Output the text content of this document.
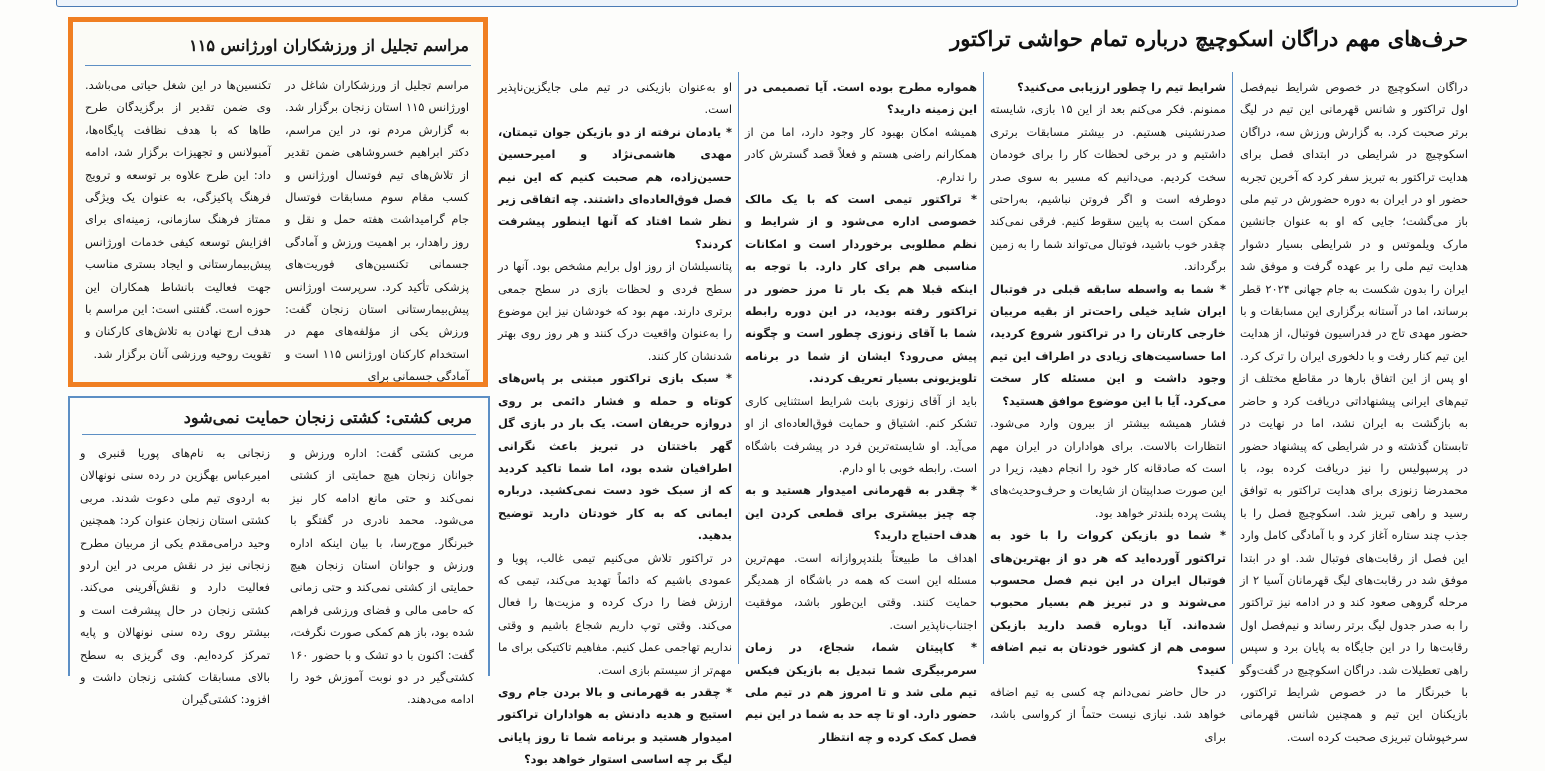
حرف‌های مهم دراگان اسکوچیچ درباره تمام حواشی تراکتور

دراگان اسکوچیچ در خصوص شرایط نیم‌فصل اول تراکتور و شانس قهرمانی این تیم در لیگ برتر صحبت کرد. به گزارش ورزش سه، دراگان اسکوچیچ در شرایطی در ابتدای فصل برای هدایت تراکتور به تبریز سفر کرد که آخرین تجربه حضور او در ایران به دوره حضورش در تیم ملی باز می‌گشت؛ جایی که او به عنوان جانشین مارک ویلموتس و در شرایطی بسیار دشوار هدایت تیم ملی را بر عهده گرفت و موفق شد ایران را بدون شکست به جام جهانی ۲۰۲۴ قطر برساند، اما در آستانه برگزاری این مسابقات و با حضور مهدی تاج در فدراسیون فوتبال، از هدایت این تیم کنار رفت و با دلخوری ایران را ترک کرد. او پس از این اتفاق بارها در مقاطع مختلف از تیم‌های ایرانی پیشنهاداتی دریافت کرد و حاضر به بازگشت به ایران نشد، اما در نهایت در تابستان گذشته و در شرایطی که پیشنهاد حضور در پرسپولیس را نیز دریافت کرده بود، با محمدرضا زنوزی برای هدایت تراکتور به توافق رسید و راهی تبریز شد. اسکوچیچ فصل را با جذب چند ستاره آغاز کرد و با آمادگی کامل وارد این فصل از رقابت‌های فوتبال شد. او در ابتدا موفق شد در رقابت‌های لیگ قهرمانان آسیا ۲ از مرحله گروهی صعود کند و در ادامه نیز تراکتور را به صدر جدول لیگ برتر رساند و نیم‌فصل اول رقابت‌ها را در این جایگاه به پایان برد و سپس راهی تعطیلات شد. دراگان اسکوچیچ در گفت‌وگو با خبرنگار ما در خصوص شرایط تراکتور، بازیکنان این تیم و همچنین شانس قهرمانی سرخپوشان تبریزی صحبت کرده است.

شرایط تیم را چطور ارزیابی می‌کنید؟

ممنونم. فکر می‌کنم بعد از این ۱۵ بازی، شایسته صدرنشینی هستیم. در بیشتر مسابقات برتری داشتیم و در برخی لحظات کار را برای خودمان سخت کردیم. می‌دانیم که مسیر به سوی صدر دوطرفه است و اگر فروتن نباشیم، به‌راحتی ممکن است به پایین سقوط کنیم. فرقی نمی‌کند چقدر خوب باشید، فوتبال می‌تواند شما را به زمین برگرداند.

* شما به واسطه سابقه قبلی در فوتبال ایران شاید خیلی راحت‌تر از بقیه مربیان خارجی کارتان را در تراکتور شروع کردید، اما حساسیت‌های زیادی در اطراف این تیم وجود داشت و این مسئله کار سخت می‌کرد. آیا با این موضوع موافق هستید؟

فشار همیشه بیشتر از بیرون وارد می‌شود. انتظارات بالاست. برای هواداران در ایران مهم است که صادقانه کار خود را انجام دهید، زیرا در این صورت صداپیتان از شایعات و حرف‌وحدیث‌های پشت پرده بلندتر خواهد بود.

* شما دو بازیکن کروات را با خود به تراکتور آورده‌اید که هر دو از بهترین‌های فوتبال ایران در این نیم فصل محسوب می‌شوند و در تبریز هم بسیار محبوب شده‌اند. آیا دوباره قصد دارید بازیکن سومی هم از کشور خودتان به تیم اضافه کنید؟

در حال حاضر نمی‌دانم چه کسی به تیم اضافه خواهد شد. نیازی نیست حتماً از کرواسی باشد، برای

همواره مطرح بوده است. آیا تصمیمی در این زمینه دارید؟

همیشه امکان بهبود کار وجود دارد، اما من از همکارانم راضی هستم و فعلاً قصد گسترش کادر را ندارم.

* تراکتور تیمی است که با یک مالک خصوصی اداره می‌شود و از شرایط و نظم مطلوبی برخوردار است و امکانات مناسبی هم برای کار دارد. با توجه به اینکه قبلا هم یک بار تا مرز حضور در تراکتور رفته بودید، در این دوره رابطه شما با آقای زنوزی چطور است و چگونه پیش می‌رود؟ ایشان از شما در برنامه تلویزیونی بسیار تعریف کردند.

باید از آقای زنوزی بابت شرایط استثنایی کاری تشکر کنم. اشتیاق و حمایت فوق‌العاده‌ای از او می‌آید. او شایسته‌ترین فرد در پیشرفت باشگاه است. رابطه خوبی با او دارم.

* چقدر به قهرمانی امیدوار هستید و به چه چیز بیشتری برای قطعی کردن این هدف احتیاج دارید؟

اهداف ما طبیعتاً بلندپروازانه است. مهم‌ترین مسئله این است که همه در باشگاه از همدیگر حمایت کنند. وقتی این‌طور باشد، موفقیت اجتناب‌ناپذیر است.

* کاپیتان شما، شجاع، در زمان سرمربیگری شما تبدیل به بازیکن فیکس تیم ملی شد و تا امروز هم در تیم ملی حضور دارد. او تا چه حد به شما در این نیم فصل کمک کرده و چه انتظار

او به‌عنوان بازیکنی در تیم ملی جایگزین‌ناپذیر است.

* یادمان نرفته از دو بازیکن جوان تیمتان، مهدی هاشمی‌نژاد و امیرحسین حسین‌زاده، هم صحبت کنیم که این نیم فصل فوق‌العاده‌ای داشتند. چه اتفاقی زیر نظر شما افتاد که آنها اینطور پیشرفت کردند؟

پتانسیلشان از روز اول برایم مشخص بود. آنها در سطح فردی و لحظات بازی در سطح جمعی برتری دارند. مهم بود که خودشان نیز این موضوع را به‌عنوان واقعیت درک کنند و هر روز روی بهتر شدنشان کار کنند.

* سبک بازی تراکتور مبتنی بر پاس‌های کوتاه و حمله و فشار دائمی بر روی دروازه حریفان است. یک بار در بازی گل گهر باختتان در تبریز باعث نگرانی اطرافیان شده بود، اما شما تاکید کردید که از سبک خود دست نمی‌کشید. درباره ایمانی که به کار خودتان دارید توضیح بدهید.

در تراکتور تلاش می‌کنیم تیمی غالب، پویا و عمودی باشیم که دائماً تهدید می‌کند، تیمی که ارزش فضا را درک کرده و مزیت‌ها را فعال می‌کند. وقتی توپ داریم شجاع باشیم و وقتی نداریم تهاجمی عمل کنیم. مفاهیم تاکتیکی برای ما مهم‌تر از سیستم بازی است.

* چقدر به قهرمانی و بالا بردن جام روی استیج و هدیه دادنش به هواداران تراکتور امیدوار هستید و برنامه شما تا روز پایانی لیگ بر چه اساسی استوار خواهد بود؟

مراسم تجلیل از ورزشکاران اورژانس ۱۱۵
مراسم تجلیل از ورزشکاران شاغل در اورژانس ۱۱۵ استان زنجان برگزار شد. به گزارش مردم نو، در این مراسم، دکتر ابراهیم خسروشاهی ضمن تقدیر از تلاش‌های تیم فوتسال اورژانس و کسب مقام سوم مسابقات فوتسال جام گرامیداشت هفته حمل و نقل و روز راهدار، بر اهمیت ورزش و آمادگی جسمانی تکنسین‌های فوریت‌های پزشکی تأکید کرد. سرپرست اورژانس پیش‌بیمارستانی استان زنجان گفت: ورزش یکی از مؤلفه‌های مهم در استخدام کارکنان اورژانس ۱۱۵ است و آمادگی جسمانی برای
تکنسین‌ها در این شغل حیاتی می‌باشد. وی ضمن تقدیر از برگزیدگان طرح طاها که با هدف نظافت پایگاه‌ها، آمبولانس و تجهیزات برگزار شد، ادامه داد: این طرح علاوه بر توسعه و ترویج فرهنگ پاکیزگی، به عنوان یک ویژگی ممتاز فرهنگ سازمانی، زمینه‌ای برای افزایش توسعه کیفی خدمات اورژانس پیش‌بیمارستانی و ایجاد بستری مناسب جهت فعالیت بانشاط همکاران این حوزه است. گفتنی است: این مراسم با هدف ارج نهادن به تلاش‌های کارکنان و تقویت روحیه ورزشی آنان برگزار شد.
مربی کشتی: کشتی زنجان حمایت نمی‌شود
مربی کشتی گفت: اداره ورزش و جوانان زنجان هیچ حمایتی از کشتی نمی‌کند و حتی مانع ادامه کار نیز می‌شود. محمد نادری در گفتگو با خبرنگار موج‌رسا، با بیان اینکه اداره ورزش و جوانان استان زنجان هیچ حمایتی از کشتی نمی‌کند و حتی زمانی که حامی مالی و فضای ورزشی فراهم شده بود، باز هم کمکی صورت نگرفت، گفت: اکنون با دو تشک و با حضور ۱۶۰ کشتی‌گیر در دو نوبت آموزش خود را ادامه می‌دهند.
زنجانی به نام‌های پوریا قنبری و امیرعباس بهگزین در رده سنی نونهالان به اردوی تیم ملی دعوت شدند. مربی کشتی استان زنجان عنوان کرد: همچنین وحید درامی‌مقدم یکی از مربیان مطرح زنجانی نیز در نقش مربی در این اردو فعالیت دارد و نقش‌آفرینی می‌کند. کشتی زنجان در حال پیشرفت است و بیشتر روی رده سنی نونهالان و پایه تمرکز کرده‌ایم. وی گریزی به سطح بالای مسابقات کشتی زنجان داشت و افزود: کشتی‌گیران
